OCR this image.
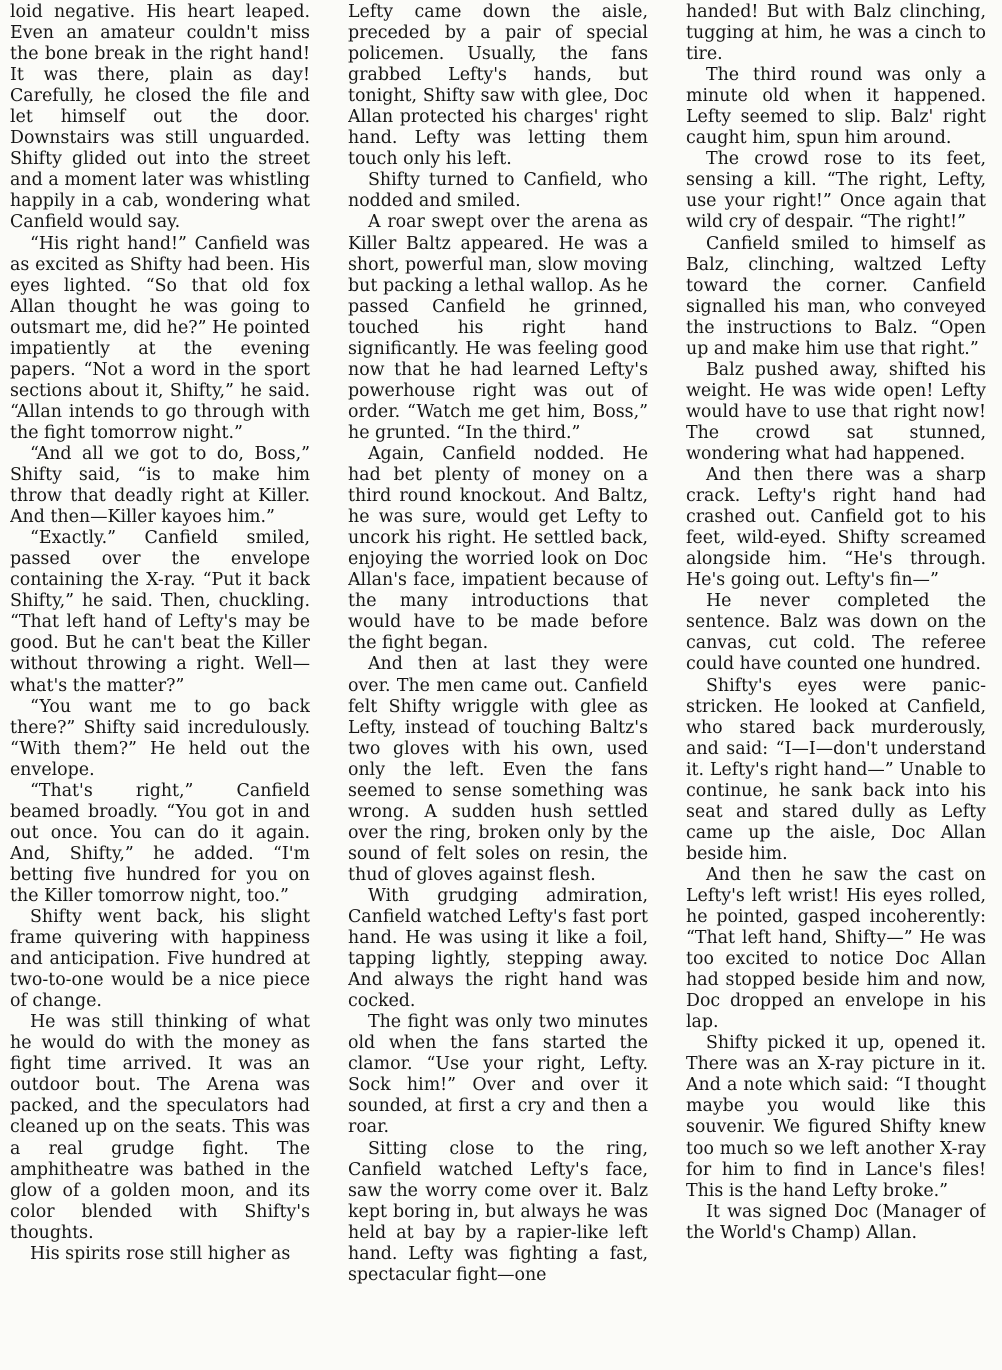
loid negative. His heart leaped. Even an amateur couldn't miss the bone break in the right hand! It was there, plain as day! Carefully, he closed the file and let himself out the door. Downstairs was still unguarded. Shifty glided out into the street and a moment later was whistling happily in a cab, wondering what Canfield would say.

“His right hand!” Canfield was as excited as Shifty had been. His eyes lighted. “So that old fox Allan thought he was going to outsmart me, did he?” He pointed impatiently at the evening papers. “Not a word in the sport sections about it, Shifty,” he said. “Allan intends to go through with the fight tomorrow night.”

“And all we got to do, Boss,” Shifty said, “is to make him throw that deadly right at Killer. And then—Killer kayoes him.”

“Exactly.” Canfield smiled, passed over the envelope containing the X-ray. “Put it back Shifty,” he said. Then, chuckling. “That left hand of Lefty's may be good. But he can't beat the Killer without throwing a right. Well—what's the matter?”

“You want me to go back there?” Shifty said incredulously. “With them?” He held out the envelope.

“That's right,” Canfield beamed broadly. “You got in and out once. You can do it again. And, Shifty,” he added. “I'm betting five hundred for you on the Killer tomorrow night, too.”

Shifty went back, his slight frame quivering with happiness and anticipation. Five hundred at two-to-one would be a nice piece of change.

He was still thinking of what he would do with the money as fight time arrived. It was an outdoor bout. The Arena was packed, and the speculators had cleaned up on the seats. This was a real grudge fight. The amphitheatre was bathed in the glow of a golden moon, and its color blended with Shifty's thoughts.

His spirits rose still higher as

Lefty came down the aisle, preceded by a pair of special policemen. Usually, the fans grabbed Lefty's hands, but tonight, Shifty saw with glee, Doc Allan protected his charges' right hand. Lefty was letting them touch only his left.

Shifty turned to Canfield, who nodded and smiled.

A roar swept over the arena as Killer Baltz appeared. He was a short, powerful man, slow moving but packing a lethal wallop. As he passed Canfield he grinned, touched his right hand significantly. He was feeling good now that he had learned Lefty's powerhouse right was out of order. “Watch me get him, Boss,” he grunted. “In the third.”

Again, Canfield nodded. He had bet plenty of money on a third round knockout. And Baltz, he was sure, would get Lefty to uncork his right. He settled back, enjoying the worried look on Doc Allan's face, impatient because of the many introductions that would have to be made before the fight began.

And then at last they were over. The men came out. Canfield felt Shifty wriggle with glee as Lefty, instead of touching Baltz's two gloves with his own, used only the left. Even the fans seemed to sense something was wrong. A sudden hush settled over the ring, broken only by the sound of felt soles on resin, the thud of gloves against flesh.

With grudging admiration, Canfield watched Lefty's fast port hand. He was using it like a foil, tapping lightly, stepping away. And always the right hand was cocked.

The fight was only two minutes old when the fans started the clamor. “Use your right, Lefty. Sock him!” Over and over it sounded, at first a cry and then a roar.

Sitting close to the ring, Canfield watched Lefty's face, saw the worry come over it. Balz kept boring in, but always he was held at bay by a rapier-like left hand. Lefty was fighting a fast, spectacular fight—one

handed! But with Balz clinching, tugging at him, he was a cinch to tire.

The third round was only a minute old when it happened. Lefty seemed to slip. Balz' right caught him, spun him around.

The crowd rose to its feet, sensing a kill. “The right, Lefty, use your right!” Once again that wild cry of despair. “The right!”

Canfield smiled to himself as Balz, clinching, waltzed Lefty toward the corner. Canfield signalled his man, who conveyed the instructions to Balz. “Open up and make him use that right.”

Balz pushed away, shifted his weight. He was wide open! Lefty would have to use that right now! The crowd sat stunned, wondering what had happened.

And then there was a sharp crack. Lefty's right hand had crashed out. Canfield got to his feet, wild-eyed. Shifty screamed alongside him. “He's through. He's going out. Lefty's fin—”

He never completed the sentence. Balz was down on the canvas, cut cold. The referee could have counted one hundred.

Shifty's eyes were panic-stricken. He looked at Canfield, who stared back murderously, and said: “I—I—don't understand it. Lefty's right hand—” Unable to continue, he sank back into his seat and stared dully as Lefty came up the aisle, Doc Allan beside him.

And then he saw the cast on Lefty's left wrist! His eyes rolled, he pointed, gasped incoherently: “That left hand, Shifty—” He was too excited to notice Doc Allan had stopped beside him and now, Doc dropped an envelope in his lap.

Shifty picked it up, opened it. There was an X-ray picture in it. And a note which said: “I thought maybe you would like this souvenir. We figured Shifty knew too much so we left another X-ray for him to find in Lance's files! This is the hand Lefty broke.”

It was signed Doc (Manager of the World's Champ) Allan.
